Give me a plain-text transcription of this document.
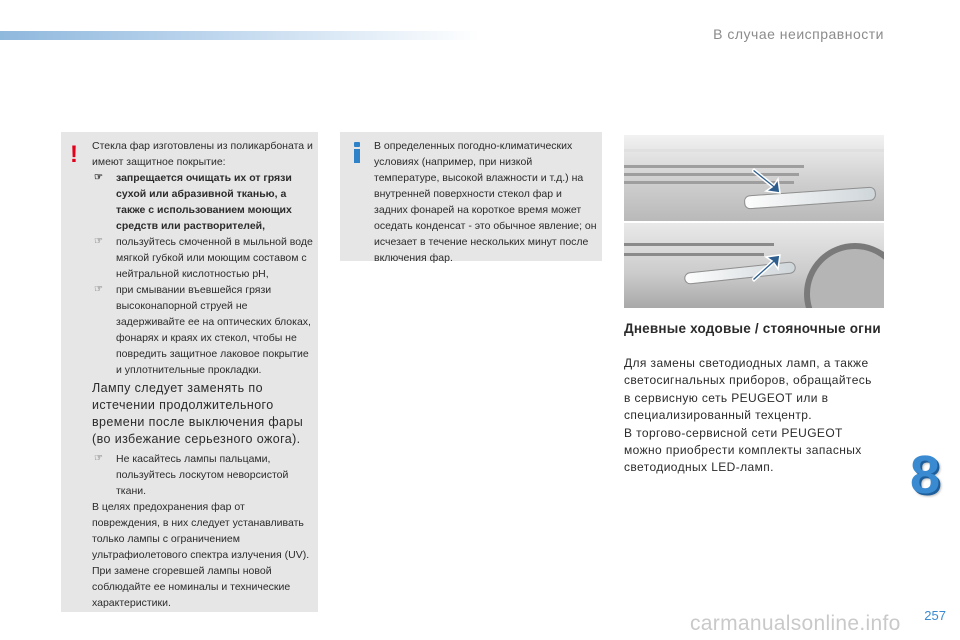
В случае неисправности
! Стекла фар изготовлены из поликарбоната и имеют защитное покрытие:

☞ запрещается очищать их от грязи сухой или абразивной тканью, а также с использованием моющих средств или растворителей,

☞ пользуйтесь смоченной в мыльной воде мягкой губкой или моющим составом с нейтральной кислотностью pH,

☞ при смывании въевшейся грязи высоконапорной струей не задерживайте ее на оптических блоках, фонарях и краях их стекол, чтобы не повредить защитное лаковое покрытие и уплотнительные прокладки.

Лампу следует заменять по истечении продолжительного времени после выключения фары (во избежание серьезного ожога).

☞ Не касайтесь лампы пальцами, пользуйтесь лоскутом неворсистой ткани.

В целях предохранения фар от повреждения, в них следует устанавливать только лампы с ограничением ультрафиолетового спектра излучения (UV).

При замене сгоревшей лампы новой соблюдайте ее номиналы и технические характеристики.

В определенных погодно-климатических условиях (например, при низкой температуре, высокой влажности и т.д.) на внутренней поверхности стекол фар и задних фонарей на короткое время может оседать конденсат - это обычное явление; он исчезает в течение нескольких минут после включения фар.
Дневные ходовые / стояночные огни
Для замены светодиодных ламп, а также
светосигнальных приборов, обращайтесь
в сервисную сеть PEUGEOT или в
специализированный техцентр.
В торгово-сервисной сети PEUGEOT
можно приобрести комплекты запасных
светодиодных LED-ламп.	8
carmanualsonline.info 257
